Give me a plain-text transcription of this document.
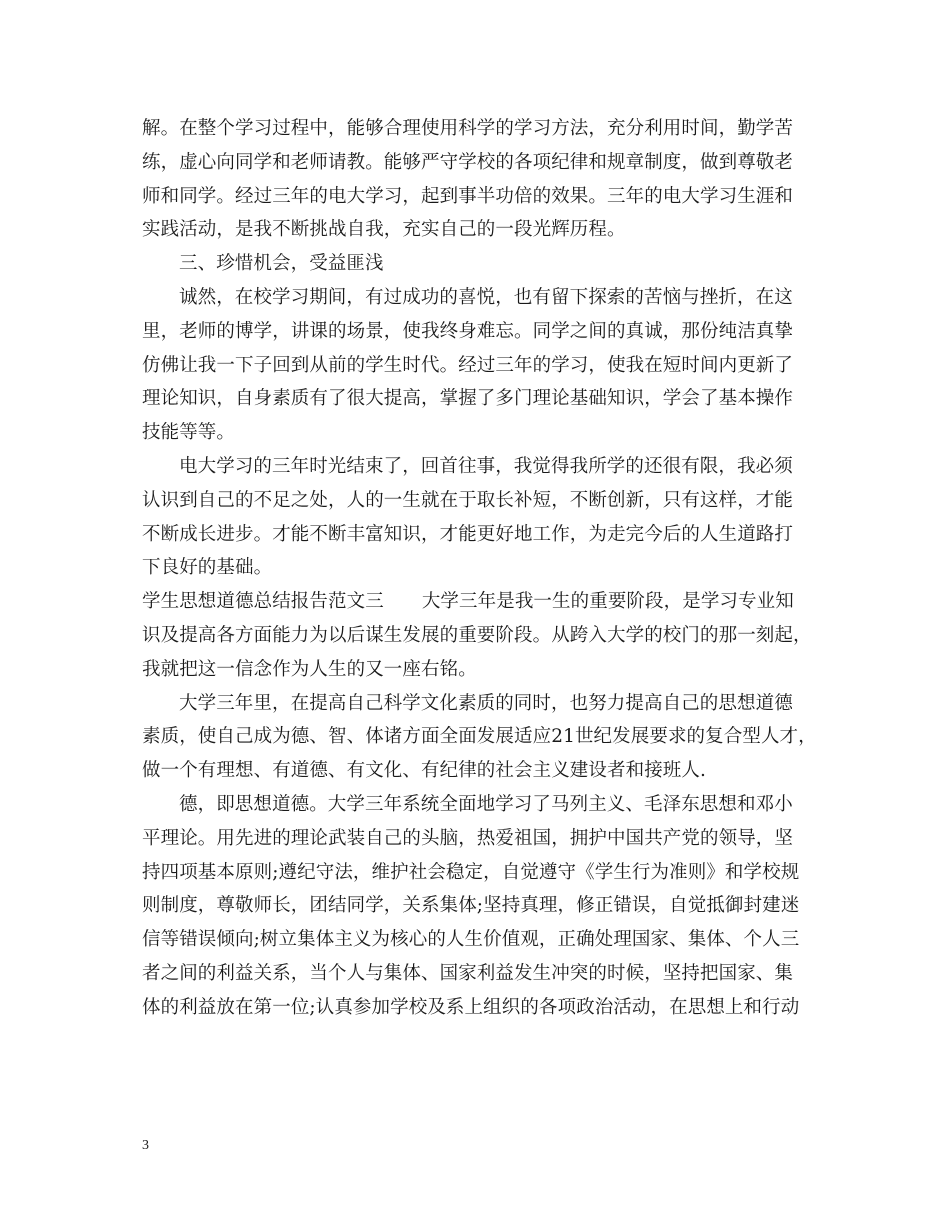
解。在整个学习过程中，能够合理使用科学的学习方法，充分利用时间，勤学苦
练，虚心向同学和老师请教。能够严守学校的各项纪律和规章制度，做到尊敬老
师和同学。经过三年的电大学习，起到事半功倍的效果。三年的电大学习生涯和
实践活动，是我不断挑战自我，充实自己的一段光辉历程。
三、珍惜机会，受益匪浅
诚然，在校学习期间，有过成功的喜悦，也有留下探索的苦恼与挫折，在这
里，老师的博学，讲课的场景，使我终身难忘。同学之间的真诚，那份纯洁真挚
仿佛让我一下子回到从前的学生时代。经过三年的学习，使我在短时间内更新了
理论知识，自身素质有了很大提高，掌握了多门理论基础知识，学会了基本操作
技能等等。
电大学习的三年时光结束了，回首往事，我觉得我所学的还很有限，我必须
认识到自己的不足之处，人的一生就在于取长补短，不断创新，只有这样，才能
不断成长进步。才能不断丰富知识，才能更好地工作，为走完今后的人生道路打
下良好的基础。
学生思想道德总结报告范文三 大学三年是我一生的重要阶段，是学习专业知
识及提高各方面能力为以后谋生发展的重要阶段。从跨入大学的校门的那一刻起，
我就把这一信念作为人生的又一座右铭。
大学三年里，在提高自己科学文化素质的同时，也努力提高自己的思想道德
素质，使自己成为德、智、体诸方面全面发展适应21世纪发展要求的复合型人才，
做一个有理想、有道德、有文化、有纪律的社会主义建设者和接班人.
德，即思想道德。大学三年系统全面地学习了马列主义、毛泽东思想和邓小
平理论。用先进的理论武装自己的头脑，热爱祖国，拥护中国共产党的领导，坚
持四项基本原则;遵纪守法，维护社会稳定，自觉遵守《学生行为准则》和学校规
则制度，尊敬师长，团结同学，关系集体;坚持真理，修正错误，自觉抵御封建迷
信等错误倾向;树立集体主义为核心的人生价值观，正确处理国家、集体、个人三
者之间的利益关系，当个人与集体、国家利益发生冲突的时候，坚持把国家、集
体的利益放在第一位;认真参加学校及系上组织的各项政治活动，在思想上和行动
3
